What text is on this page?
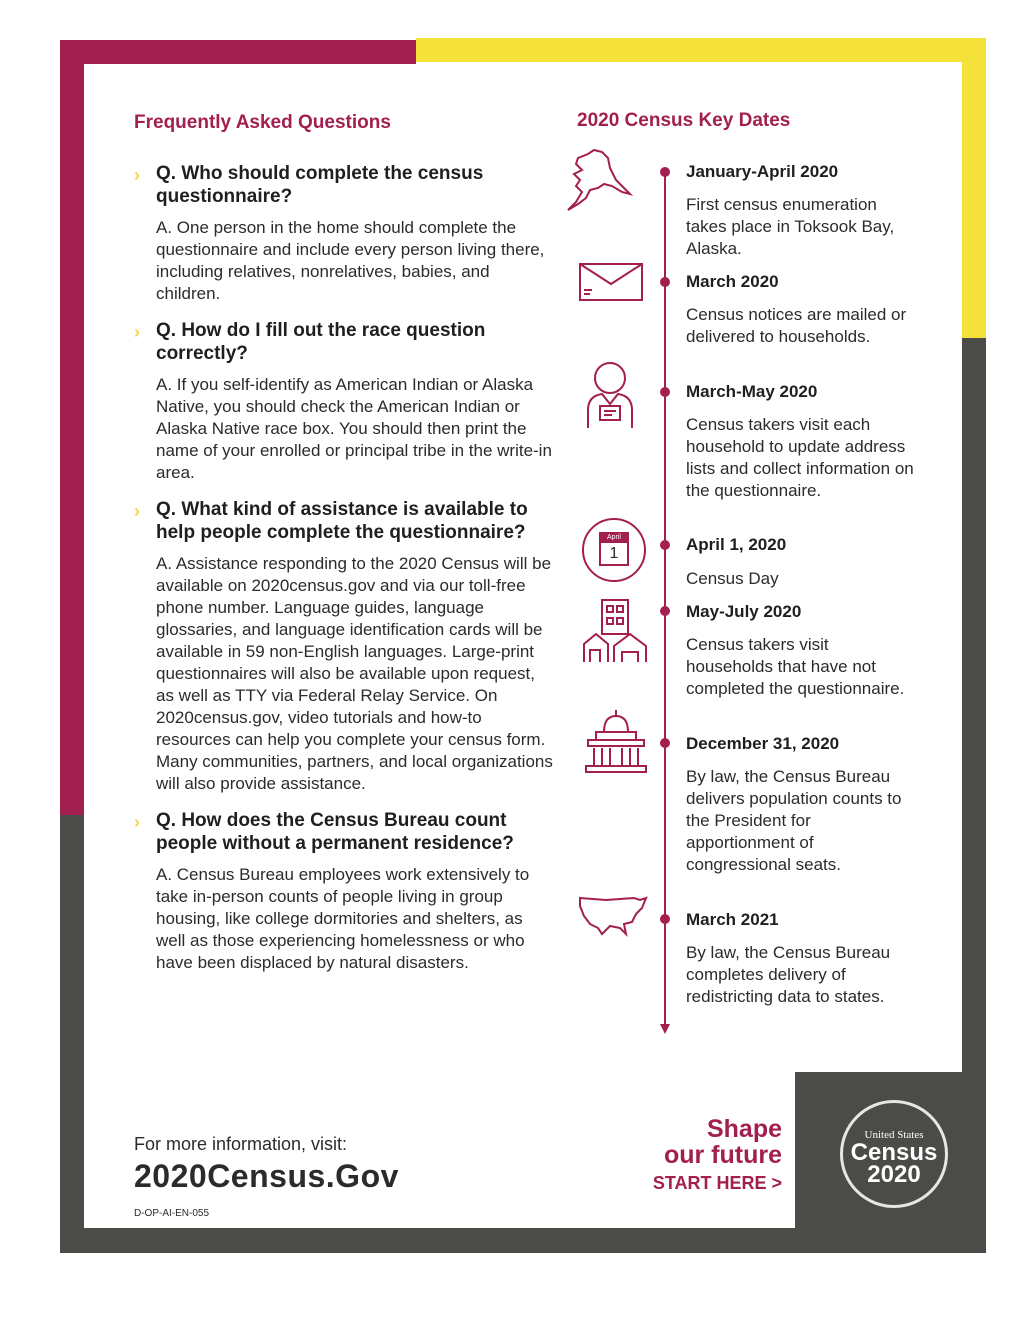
Frequently Asked Questions
› Q. Who should complete the census questionnaire?

A. One person in the home should complete the questionnaire and include every person living there, including relatives, nonrelatives, babies, and children.

› Q. How do I fill out the race question correctly?

A. If you self-identify as American Indian or Alaska Native, you should check the American Indian or Alaska Native race box. You should then print the name of your enrolled or principal tribe in the write-in area.

› Q. What kind of assistance is available to help people complete the questionnaire?

A. Assistance responding to the 2020 Census will be available on 2020census.gov and via our toll-free phone number. Language guides, language glossaries, and language identification cards will be available in 59 non-English languages. Large-print questionnaires will also be available upon request, as well as TTY via Federal Relay Service. On 2020census.gov, video tutorials and how-to resources can help you complete your census form. Many communities, partners, and local organizations will also provide assistance.

› Q. How does the Census Bureau count people without a permanent residence?

A. Census Bureau employees work extensively to take in-person counts of people living in group housing, like college dormitories and shelters, as well as those experiencing homelessness or who have been displaced by natural disasters.

2020 Census Key Dates

January-April 2020

First census enumeration takes place in Toksook Bay, Alaska.

March 2020

Census notices are mailed or delivered to households.

March-May 2020

Census takers visit each household to update address lists and collect information on the questionnaire.

April 1, 2020

Census Day

April
1

May-July 2020

Census takers visit households that have not completed the questionnaire.

December 31, 2020

By law, the Census Bureau delivers population counts to the President for apportionment of congressional seats.

March 2021

By law, the Census Bureau completes delivery of redistricting data to states.

For more information, visit:

2020Census.Gov

D-OP-AI-EN-055

Shape

our future

START HERE >

United States
Census
2020
